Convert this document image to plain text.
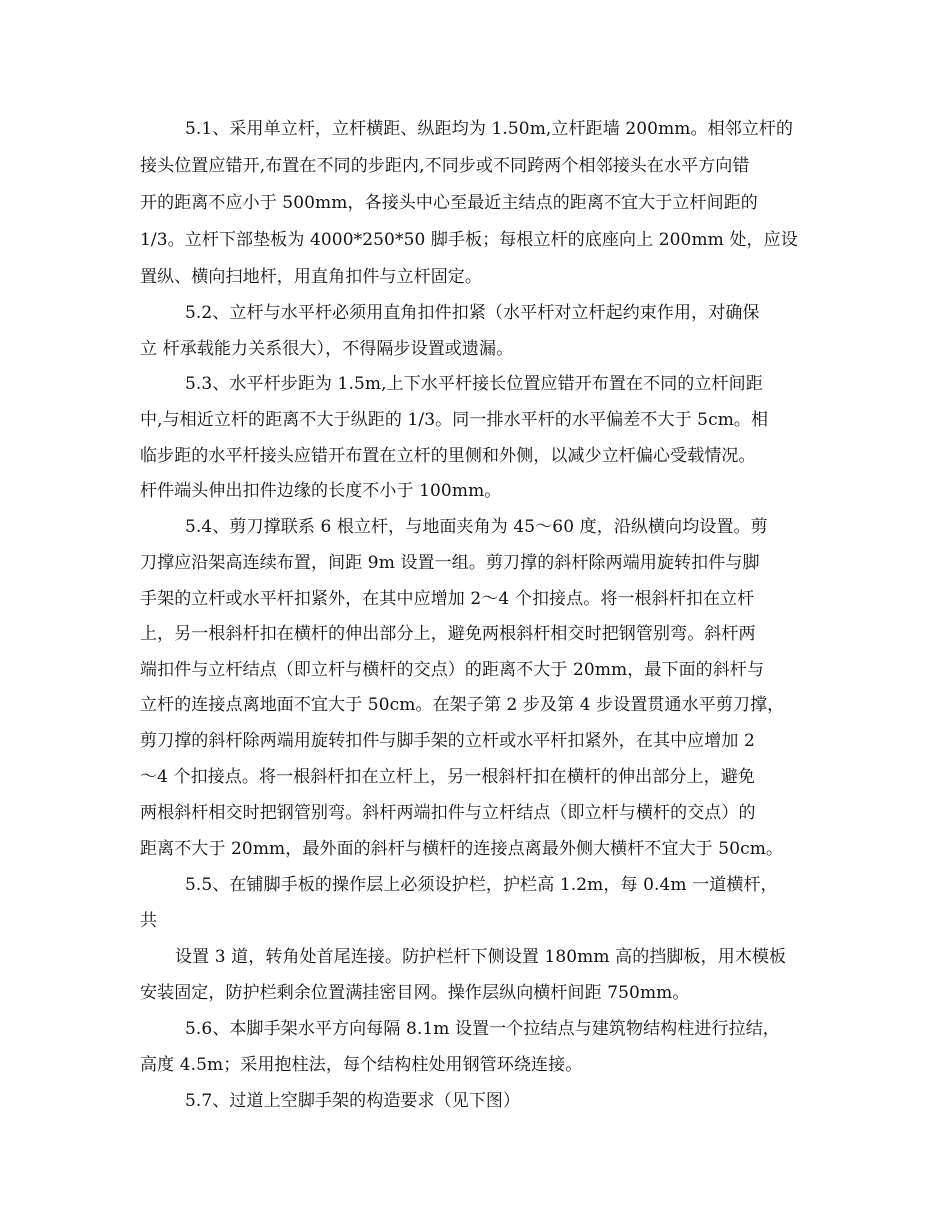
5.1、采用单立杆，立杆横距、纵距均为 1.50m,立杆距墙 200mm。相邻立杆的
接头位置应错开,布置在不同的步距内,不同步或不同跨两个相邻接头在水平方向错
开的距离不应小于 500mm，各接头中心至最近主结点的距离不宜大于立杆间距的
1/3。立杆下部垫板为 4000*250*50 脚手板；每根立杆的底座向上 200mm 处，应设
置纵、横向扫地杆，用直角扣件与立杆固定。
5.2、立杆与水平杆必须用直角扣件扣紧（水平杆对立杆起约束作用，对确保
立 杆承载能力关系很大），不得隔步设置或遗漏。
5.3、水平杆步距为 1.5m,上下水平杆接长位置应错开布置在不同的立杆间距
中,与相近立杆的距离不大于纵距的 1/3。同一排水平杆的水平偏差不大于 5cm。相
临步距的水平杆接头应错开布置在立杆的里侧和外侧，以减少立杆偏心受载情况。
杆件端头伸出扣件边缘的长度不小于 100mm。
5.4、剪刀撑联系 6 根立杆，与地面夹角为 45～60 度，沿纵横向均设置。剪
刀撑应沿架高连续布置，间距 9m 设置一组。剪刀撑的斜杆除两端用旋转扣件与脚
手架的立杆或水平杆扣紧外，在其中应增加 2～4 个扣接点。将一根斜杆扣在立杆
上，另一根斜杆扣在横杆的伸出部分上，避免两根斜杆相交时把钢管别弯。斜杆两
端扣件与立杆结点（即立杆与横杆的交点）的距离不大于 20mm，最下面的斜杆与
立杆的连接点离地面不宜大于 50cm。在架子第 2 步及第 4 步设置贯通水平剪刀撑，
剪刀撑的斜杆除两端用旋转扣件与脚手架的立杆或水平杆扣紧外，在其中应增加 2
～4 个扣接点。将一根斜杆扣在立杆上，另一根斜杆扣在横杆的伸出部分上，避免
两根斜杆相交时把钢管别弯。斜杆两端扣件与立杆结点（即立杆与横杆的交点）的
距离不大于 20mm，最外面的斜杆与横杆的连接点离最外侧大横杆不宜大于 50cm。
5.5、在铺脚手板的操作层上必须设护栏，护栏高 1.2m，每 0.4m 一道横杆，
共
设置 3 道，转角处首尾连接。防护栏杆下侧设置 180mm 高的挡脚板，用木模板
安装固定，防护栏剩余位置满挂密目网。操作层纵向横杆间距 750mm。
5.6、本脚手架水平方向每隔 8.1m 设置一个拉结点与建筑物结构柱进行拉结，
高度 4.5m；采用抱柱法，每个结构柱处用钢管环绕连接。
5.7、过道上空脚手架的构造要求（见下图）
